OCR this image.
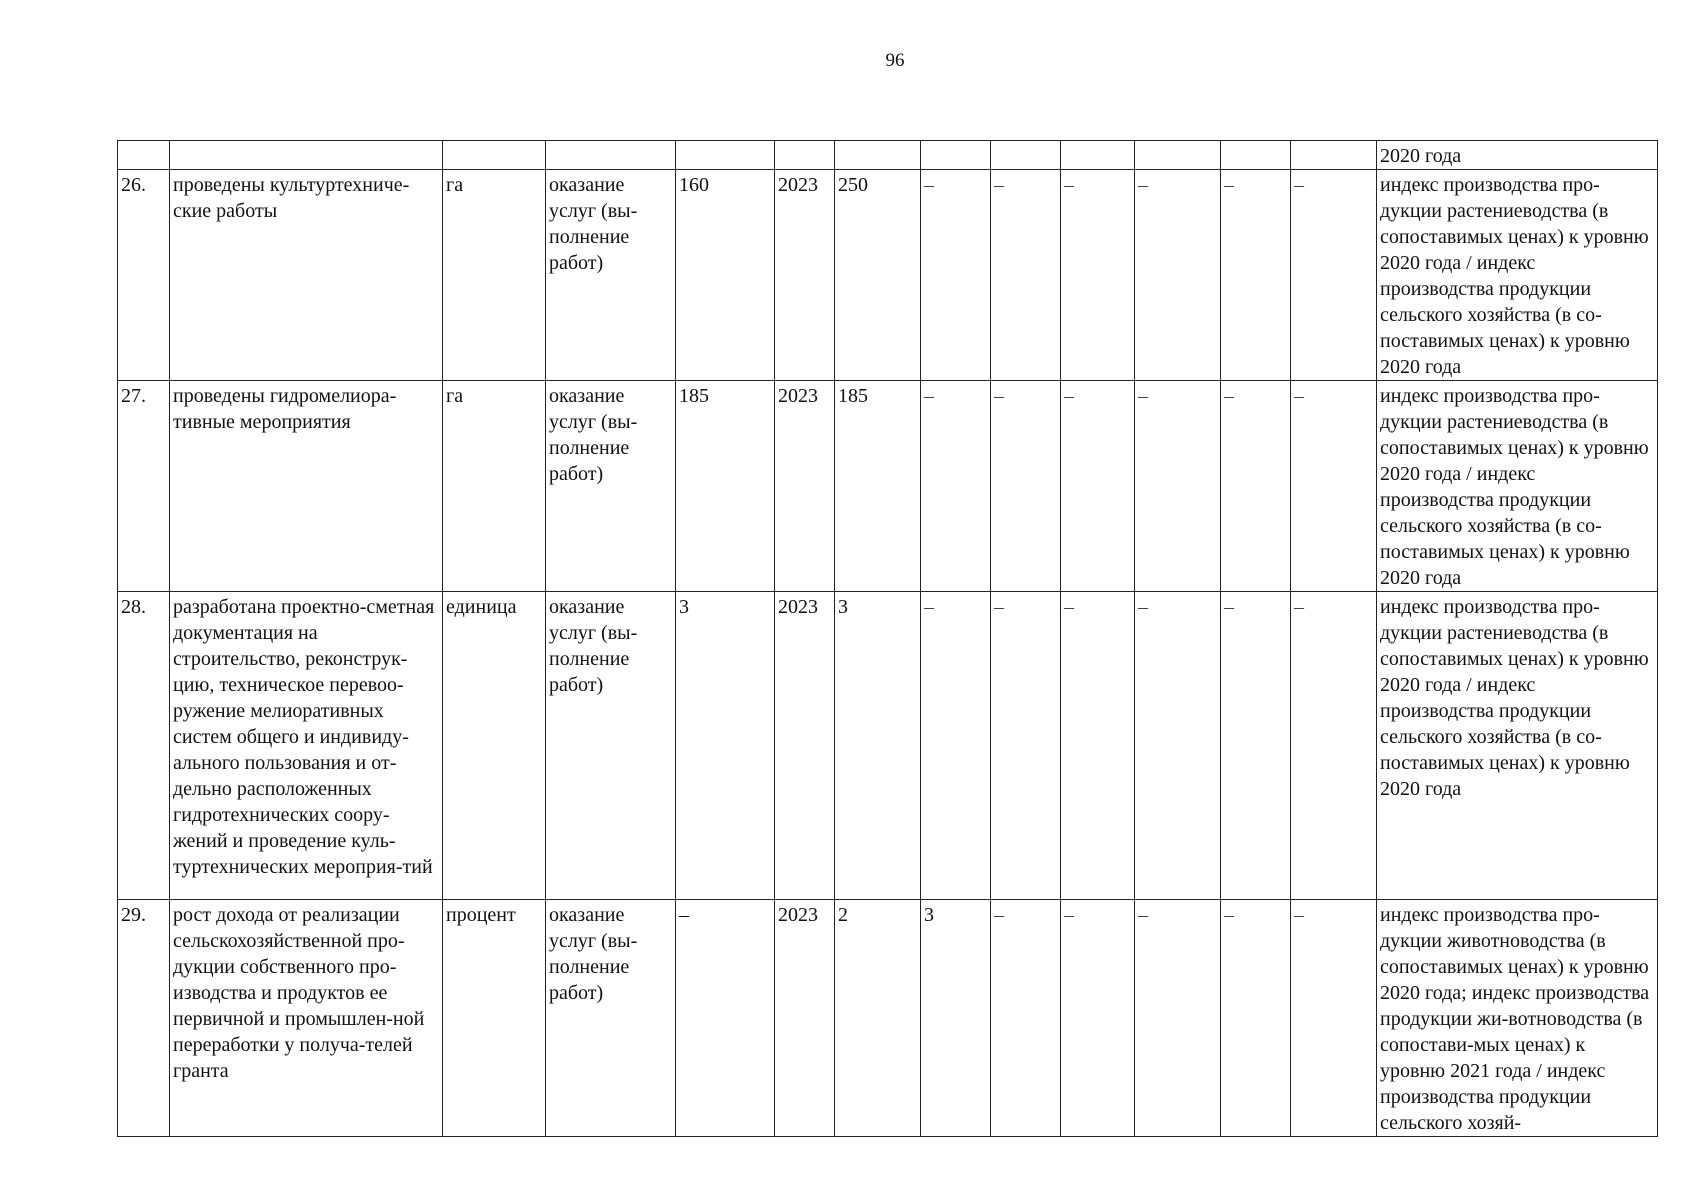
96
													2020 года
26.	проведены культуртехниче-ские работы	га	оказание услуг (вы-полнение работ)	160	2023	250	–	–	–	–	–	–	индекс производства про-дукции растениеводства (в сопоставимых ценах) к уровню 2020 года / индекс производства продукции сельского хозяйства (в со-поставимых ценах) к уровню 2020 года
27.	проведены гидромелиора-тивные мероприятия	га	оказание услуг (вы-полнение работ)	185	2023	185	–	–	–	–	–	–	индекс производства про-дукции растениеводства (в сопоставимых ценах) к уровню 2020 года / индекс производства продукции сельского хозяйства (в со-поставимых ценах) к уровню 2020 года
28.	разработана проектно-сметная документация на строительство, реконструк-цию, техническое перевоо-ружение мелиоративных систем общего и индивиду-ального пользования и от-дельно расположенных гидротехнических соору-жений и проведение куль-туртехнических мероприя-тий	единица	оказание услуг (вы-полнение работ)	3	2023	3	–	–	–	–	–	–	индекс производства про-дукции растениеводства (в сопоставимых ценах) к уровню 2020 года / индекс производства продукции сельского хозяйства (в со-поставимых ценах) к уровню 2020 года
29.	рост дохода от реализации сельскохозяйственной про-дукции собственного про-изводства и продуктов ее первичной и промышлен-ной переработки у получа-телей гранта	процент	оказание услуг (вы-полнение работ)	–	2023	2	3	–	–	–	–	–	индекс производства про-дукции животноводства (в сопоставимых ценах) к уровню 2020 года; индекс производства продукции жи-вотноводства (в сопостави-мых ценах) к уровню 2021 года / индекс производства продукции сельского хозяй-
